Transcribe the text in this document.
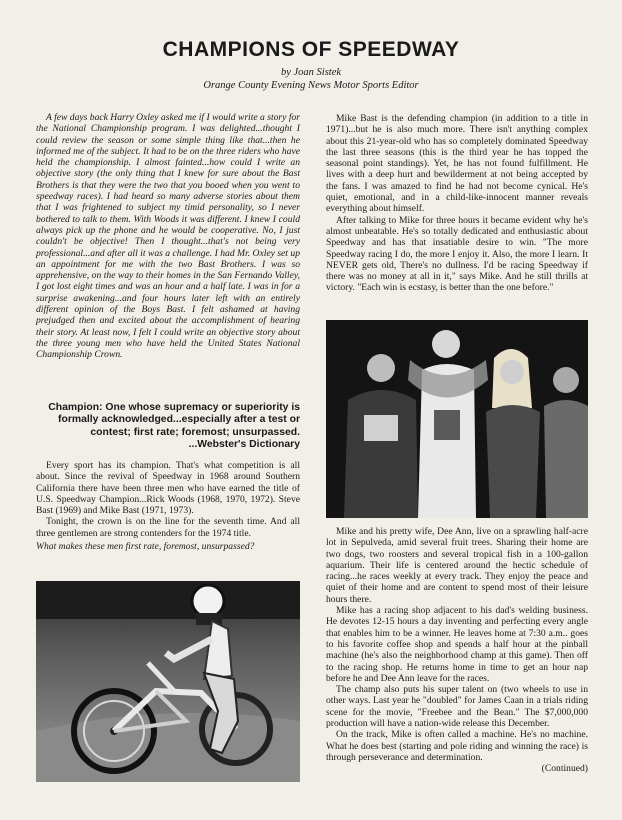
CHAMPIONS OF SPEEDWAY
by Joan Sistek
Orange County Evening News Motor Sports Editor

A few days back Harry Oxley asked me if I would write a story for the National Championship program. I was delighted...thought I could review the season or some simple thing like that...then he informed me of the subject. It had to be on the three riders who have held the championship. I almost fainted...how could I write an objective story (the only thing that I knew for sure about the Bast Brothers is that they were the two that you booed when you went to speedway races). I had heard so many adverse stories about them that I was frightened to subject my timid personality, so I never bothered to talk to them. With Woods it was different. I knew I could always pick up the phone and he would be cooperative. No, I just couldn't be objective! Then I thought...that's not being very professional...and after all it was a challenge. I had Mr. Oxley set up an appointment for me with the two Bast Brothers. I was so apprehensive, on the way to their homes in the San Fernando Valley, I got lost eight times and was an hour and a half late. I was in for a surprise awakening...and four hours later left with an entirely different opinion of the Boys Bast. I felt ashamed at having prejudged then and excited about the accomplishment of hearing their story. At least now, I felt I could write an objective story about the three young men who have held the United States National Championship Crown.

Champion: One whose supremacy or superiority is formally acknowledged...especially after a test or contest; first rate; foremost; unsurpassed.
...Webster's Dictionary

Every sport has its champion. That's what competition is all about. Since the revival of Speedway in 1968 around Southern California there have been three men who have earned the title of U.S. Speedway Champion...Rick Woods (1968, 1970, 1972). Steve Bast (1969) and Mike Bast (1971, 1973).

Tonight, the crown is on the line for the seventh time. And all three gentlemen are strong contenders for the 1974 title.

What makes these men first rate, foremost, unsurpassed?

Mike Bast is the defending champion (in addition to a title in 1971)...but he is also much more. There isn't anything complex about this 21-year-old who has so completely dominated Speedway the last three seasons (this is the third year he has topped the seasonal point standings). Yet, he has not found fulfillment. He lives with a deep hurt and bewilderment at not being accepted by the fans. I was amazed to find he had not become cynical. He's quiet, emotional, and in a child-like-innocent manner reveals everything about himself.

After talking to Mike for three hours it became evident why he's almost unbeatable. He's so totally dedicated and enthusiastic about Speedway and has that insatiable desire to win. "The more Speedway racing I do, the more I enjoy it. Also, the more I learn. It NEVER gets old, There's no dullness. I'd be racing Speedway if there was no money at all in it," says Mike. And he still thrills at victory. "Each win is ecstasy, is better than the one before."

Mike and his pretty wife, Dee Ann, live on a sprawling half-acre lot in Sepulveda, amid several fruit trees. Sharing their home are two dogs, two roosters and several tropical fish in a 100-gallon aquarium. Their life is centered around the hectic schedule of racing...he races weekly at every track. They enjoy the peace and quiet of their home and are content to spend most of their leisure hours there.

Mike has a racing shop adjacent to his dad's welding business. He devotes 12-15 hours a day inventing and perfecting every angle that enables him to be a winner. He leaves home at 7:30 a.m.. goes to his favorite coffee shop and spends a half hour at the pinball machine (he's also the neighborhood champ at this game). Then off to the racing shop. He returns home in time to get an hour nap before he and Dee Ann leave for the races.

The champ also puts his super talent on (two wheels to use in other ways. Last year he "doubled" for James Caan in a trials riding scene for the movie, "Freebee and the Bean." The $7,000,000 production will have a nation-wide release this December.

On the track, Mike is often called a machine. He's no machine. What he does best (starting and pole riding and winning the race) is through perseverance and determination.

(Continued)
